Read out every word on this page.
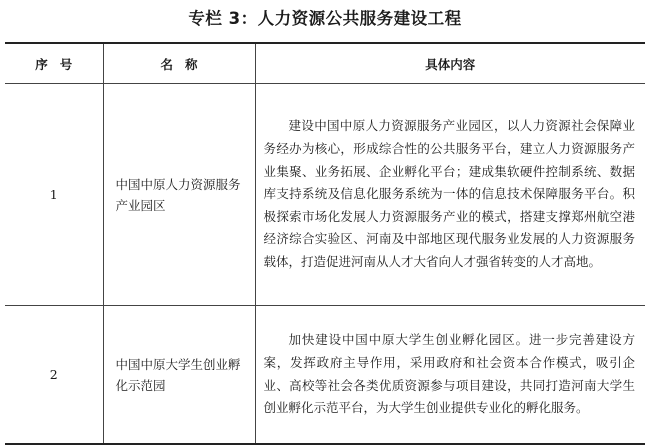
专栏 3：人力资源公共服务建设工程
序号	名称	具体内容
1	中国中原人力资源服务产业园区	建设中国中原人力资源服务产业园区，以人力资源社会保障业务经办为核心，形成综合性的公共服务平台，建立人力资源服务产业集聚、业务拓展、企业孵化平台；建成集软硬件控制系统、数据库支持系统及信息化服务系统为一体的信息技术保障服务平台。积极探索市场化发展人力资源服务产业的模式，搭建支撑郑州航空港经济综合实验区、河南及中部地区现代服务业发展的人力资源服务载体，打造促进河南从人才大省向人才强省转变的人才高地。
2	中国中原大学生创业孵化示范园	加快建设中国中原大学生创业孵化园区。进一步完善建设方案，发挥政府主导作用，采用政府和社会资本合作模式，吸引企业、高校等社会各类优质资源参与项目建设，共同打造河南大学生创业孵化示范平台，为大学生创业提供专业化的孵化服务。
